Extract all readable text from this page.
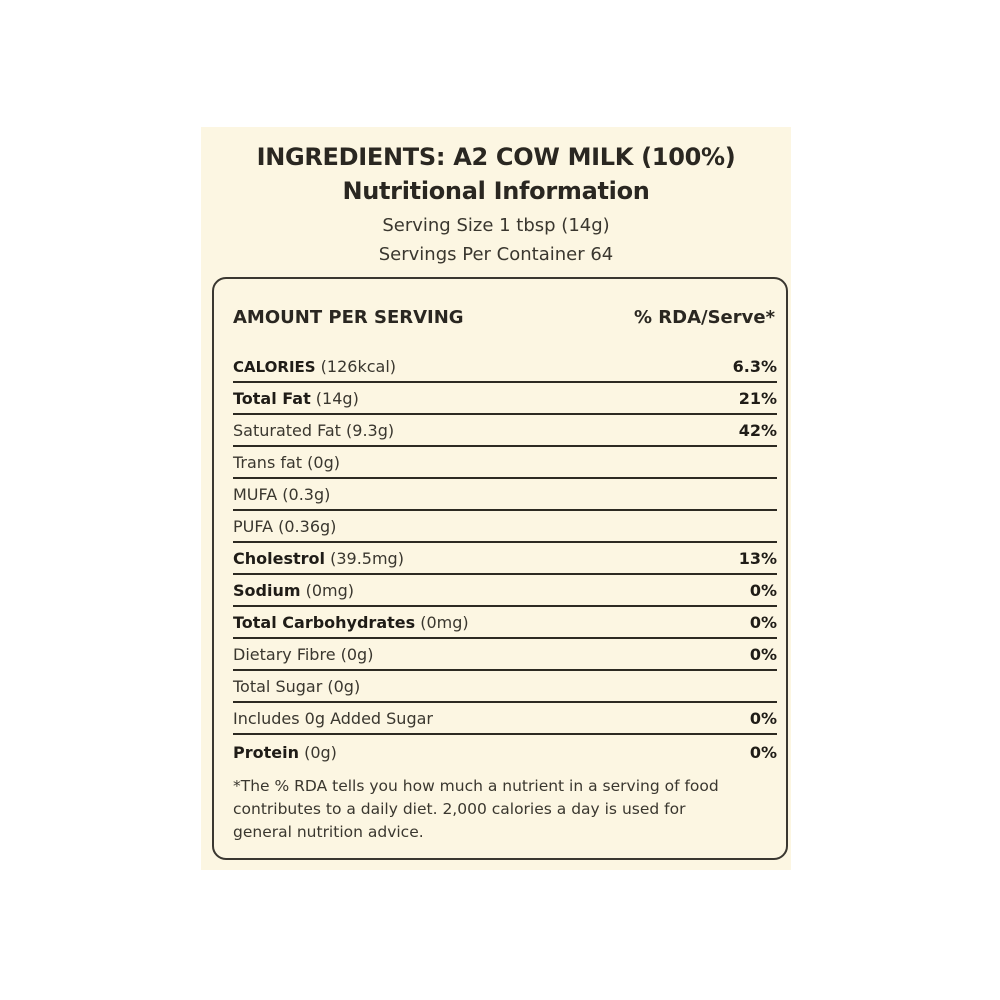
INGREDIENTS: A2 COW MILK (100%)
Nutritional Information
Serving Size 1 tbsp (14g)
Servings Per Container 64
AMOUNT PER SERVING	% RDA/Serve*
CALORIES (126kcal)	6.3%
Total Fat (14g)	21%
Saturated Fat (9.3g)	42%
Trans fat (0g)
MUFA (0.3g)
PUFA (0.36g)
Cholestrol (39.5mg)	13%
Sodium (0mg)	0%
Total Carbohydrates (0mg)	0%
Dietary Fibre (0g)	0%
Total Sugar (0g)
Includes 0g Added Sugar	0%
Protein (0g)	0%
*The % RDA tells you how much a nutrient in a serving of food
contributes to a daily diet. 2,000 calories a day is used for
general nutrition advice.
